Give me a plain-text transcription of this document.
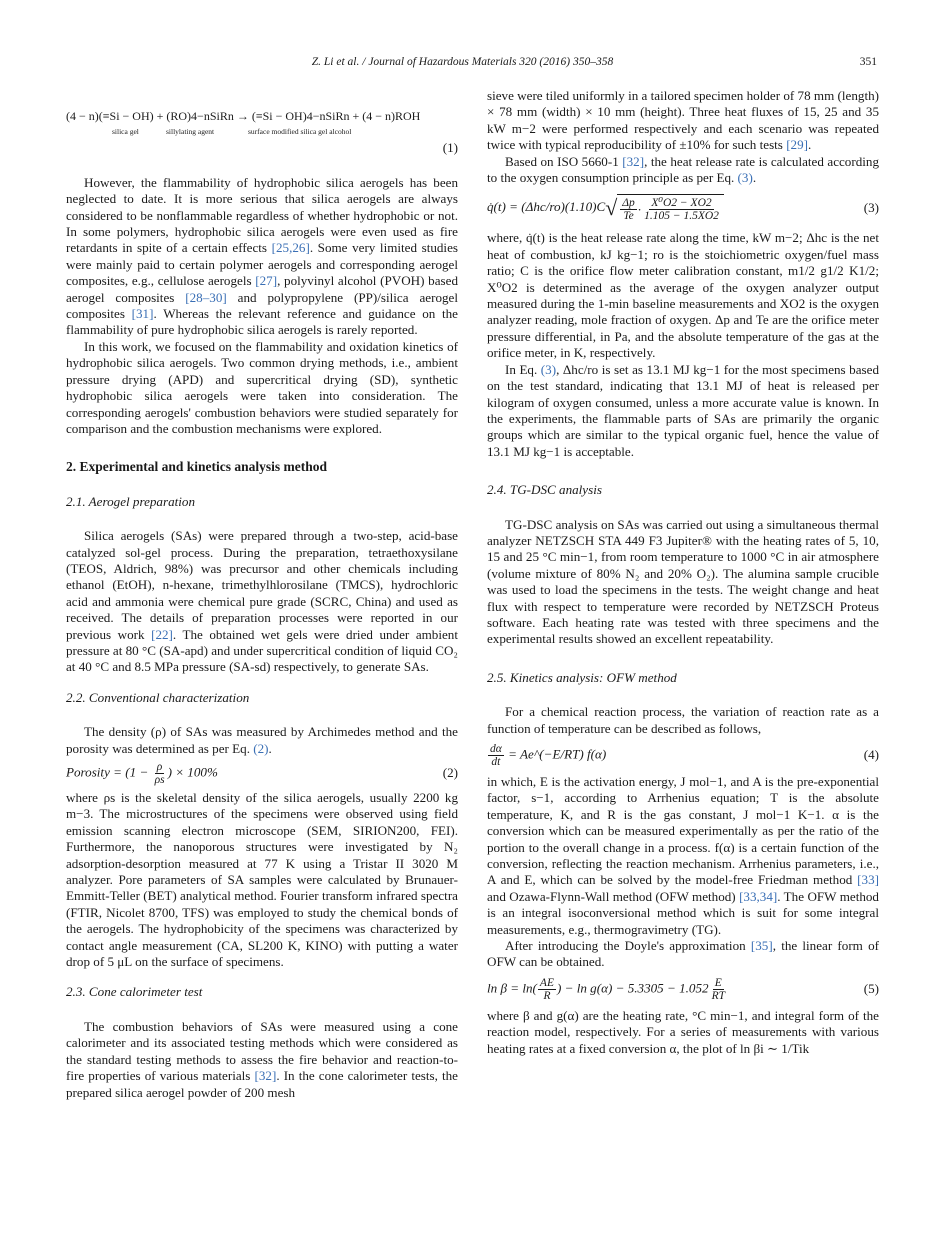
Z. Li et al. / Journal of Hazardous Materials 320 (2016) 350–358	351
(4 − n)(≡Si − OH) + (RO)4−nSiRn → (≡Si − OH)4−nSiRn + (4 − n)ROH
silica gel	sillylating agent	surface modified silica gel alcohol
(1)

However, the flammability of hydrophobic silica aerogels has been neglected to date. It is more serious that silica aerogels are always considered to be nonflammable regardless of whether hydrophobic or not. In some polymers, hydrophobic silica aerogels were even used as fire retardants in spite of a certain effects [25,26]. Some very limited studies were mainly paid to certain polymer aerogels and corresponding aerogel composites, e.g., cellulose aerogels [27], polyvinyl alcohol (PVOH) based aerogel composites [28–30] and polypropylene (PP)/silica aerogel composites [31]. Whereas the relevant reference and guidance on the flammability of pure hydrophobic silica aerogels is rarely reported.

In this work, we focused on the flammability and oxidation kinetics of hydrophobic silica aerogels. Two common drying methods, i.e., ambient pressure drying (APD) and supercritical drying (SD), synthetic hydrophobic silica aerogels were taken into consideration. The corresponding aerogels' combustion behaviors were studied separately for comparison and the combustion mechanisms were explored.

2. Experimental and kinetics analysis method
2.1. Aerogel preparation

Silica aerogels (SAs) were prepared through a two-step, acid-base catalyzed sol-gel process. During the preparation, tetraethoxysilane (TEOS, Aldrich, 98%) was precursor and other chemicals including ethanol (EtOH), n-hexane, trimethylhlorosilane (TMCS), hydrochloric acid and ammonia were chemical pure grade (SCRC, China) and used as received. The details of preparation processes were reported in our previous work [22]. The obtained wet gels were dried under ambient pressure at 80 °C (SA-apd) and under supercritical condition of liquid CO₂ at 40 °C and 8.5 MPa pressure (SA-sd) respectively, to generate SAs.

2.2. Conventional characterization

The density (ρ) of SAs was measured by Archimedes method and the porosity was determined as per Eq. (2).

Porosity = ($1 - \frac{\rho}{\rho s}$ ) × 100%	(2)

where ρs is the skeletal density of the silica aerogels, usually 2200 kg m−3. The microstructures of the specimens were observed using field emission scanning electron microscope (SEM, SIRION200, FEI). Furthermore, the nanoporous structures were investigated by N₂ adsorption-desorption measured at 77 K using a Tristar II 3020 M analyzer. Pore parameters of SA samples were calculated by Brunauer-Emmitt-Teller (BET) analytical method. Fourier transform infrared spectra (FTIR, Nicolet 8700, TFS) was employed to study the chemical bonds of the aerogels. The hydrophobicity of the specimens was characterized by contact angle measurement (CA, SL200 K, KINO) with putting a water drop of 5 μL on the surface of specimens.

2.3. Cone calorimeter test

The combustion behaviors of SAs were measured using a cone calorimeter and its associated testing methods which were considered as the standard testing methods to assess the fire behavior and reaction-to-fire properties of various materials [32]. In the cone calorimeter tests, the prepared silica aerogel powder of 200 mesh

sieve were tiled uniformly in a tailored specimen holder of 78 mm (length) × 78 mm (width) × 10 mm (height). Three heat fluxes of 15, 25 and 35 kW m−2 were performed respectively and each scenario was repeated twice with typical reproducibility of ±10% for such tests [29].

Based on ISO 5660-1 [32], the heat release rate is calculated according to the oxygen consumption principle as per Eq. (3).

q̇(t) = (Δhc/ro)(1.10)C √ $\frac{\Delta p}{Te} \cdot \frac{\text{X⁰O2 − XO2}}{1.105 - 1.5XO2}$	(3)

where, q̇(t) is the heat release rate along the time, kW m−2; Δhc is the net heat of combustion, kJ kg−1; ro is the stoichiometric oxygen/fuel mass ratio; C is the orifice flow meter calibration constant, m1/2 g1/2 K1/2; X⁰O2 is determined as the average of the oxygen analyzer output measured during the 1-min baseline measurements and XO2 is the oxygen analyzer reading, mole fraction of oxygen. Δp and Te are the orifice meter pressure differential, in Pa, and the absolute temperature of the gas at the orifice meter, in K, respectively.

In Eq. (3), Δhc/ro is set as 13.1 MJ kg−1 for the most specimens based on the test standard, indicating that 13.1 MJ of heat is released per kilogram of oxygen consumed, unless a more accurate value is known. In the experiments, the flammable parts of SAs are primarily the organic groups which are similar to the typical organic fuel, hence the value of 13.1 MJ kg−1 is acceptable.

2.4. TG-DSC analysis

TG-DSC analysis on SAs was carried out using a simultaneous thermal analyzer NETZSCH STA 449 F3 Jupiter® with the heating rates of 5, 10, 15 and 25 °C min−1, from room temperature to 1000 °C in air atmosphere (volume mixture of 80% N₂ and 20% O₂). The alumina sample crucible was used to load the specimens in the tests. The weight change and heat flux with respect to temperature were recorded by NETZSCH Proteus software. Each heating rate was tested with three specimens and the experimental results showed an excellent repeatability.

2.5. Kinetics analysis: OFW method

For a chemical reaction process, the variation of reaction rate as a function of temperature can be described as follows,

$\frac{d\alpha}{dt}$ = Ae^(−E/RT) f(α)	(4)

in which, E is the activation energy, J mol−1, and A is the pre-exponential factor, s−1, according to Arrhenius equation; T is the absolute temperature, K, and R is the gas constant, J mol−1 K−1. α is the conversion which can be measured experimentally as per the ratio of the portion to the overall change in a process. f(α) is a certain function of the conversion, reflecting the reaction mechanism. Arrhenius parameters, i.e., A and E, which can be solved by the model-free Friedman method [33] and Ozawa-Flynn-Wall method (OFW method) [33,34]. The OFW method is an integral isoconversional method which is suit for some integral measurements, e.g., thermogravimetry (TG).

After introducing the Doyle's approximation [35], the linear form of OFW can be obtained.

$\ln \beta = \ln( \frac{AE}{R}$ ) − $\ln g(\alpha) - 5.3305 - 1.052 \frac{E}{RT}$	(5)

where β and g(α) are the heating rate, °C min−1, and integral form of the reaction model, respectively. For a series of measurements with various heating rates at a fixed conversion α, the plot of ln βi ∼ 1/Tik
